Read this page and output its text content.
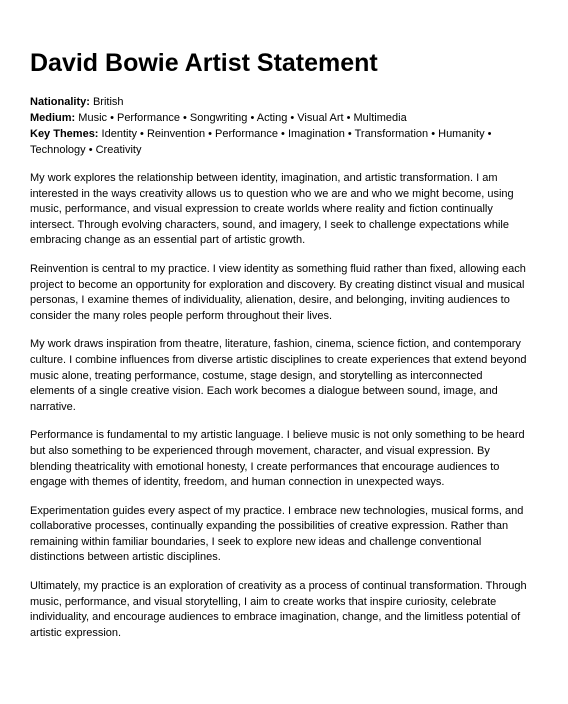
David Bowie Artist Statement
Nationality: British
Medium: Music • Performance • Songwriting • Acting • Visual Art • Multimedia
Key Themes: Identity • Reinvention • Performance • Imagination • Transformation • Humanity • Technology • Creativity

My work explores the relationship between identity, imagination, and artistic transformation. I am interested in the ways creativity allows us to question who we are and who we might become, using music, performance, and visual expression to create worlds where reality and fiction continually intersect. Through evolving characters, sound, and imagery, I seek to challenge expectations while embracing change as an essential part of artistic growth.

Reinvention is central to my practice. I view identity as something fluid rather than fixed, allowing each project to become an opportunity for exploration and discovery. By creating distinct visual and musical personas, I examine themes of individuality, alienation, desire, and belonging, inviting audiences to consider the many roles people perform throughout their lives.

My work draws inspiration from theatre, literature, fashion, cinema, science fiction, and contemporary culture. I combine influences from diverse artistic disciplines to create experiences that extend beyond music alone, treating performance, costume, stage design, and storytelling as interconnected elements of a single creative vision. Each work becomes a dialogue between sound, image, and narrative.

Performance is fundamental to my artistic language. I believe music is not only something to be heard but also something to be experienced through movement, character, and visual expression. By blending theatricality with emotional honesty, I create performances that encourage audiences to engage with themes of identity, freedom, and human connection in unexpected ways.

Experimentation guides every aspect of my practice. I embrace new technologies, musical forms, and collaborative processes, continually expanding the possibilities of creative expression. Rather than remaining within familiar boundaries, I seek to explore new ideas and challenge conventional distinctions between artistic disciplines.

Ultimately, my practice is an exploration of creativity as a process of continual transformation. Through music, performance, and visual storytelling, I aim to create works that inspire curiosity, celebrate individuality, and encourage audiences to embrace imagination, change, and the limitless potential of artistic expression.
